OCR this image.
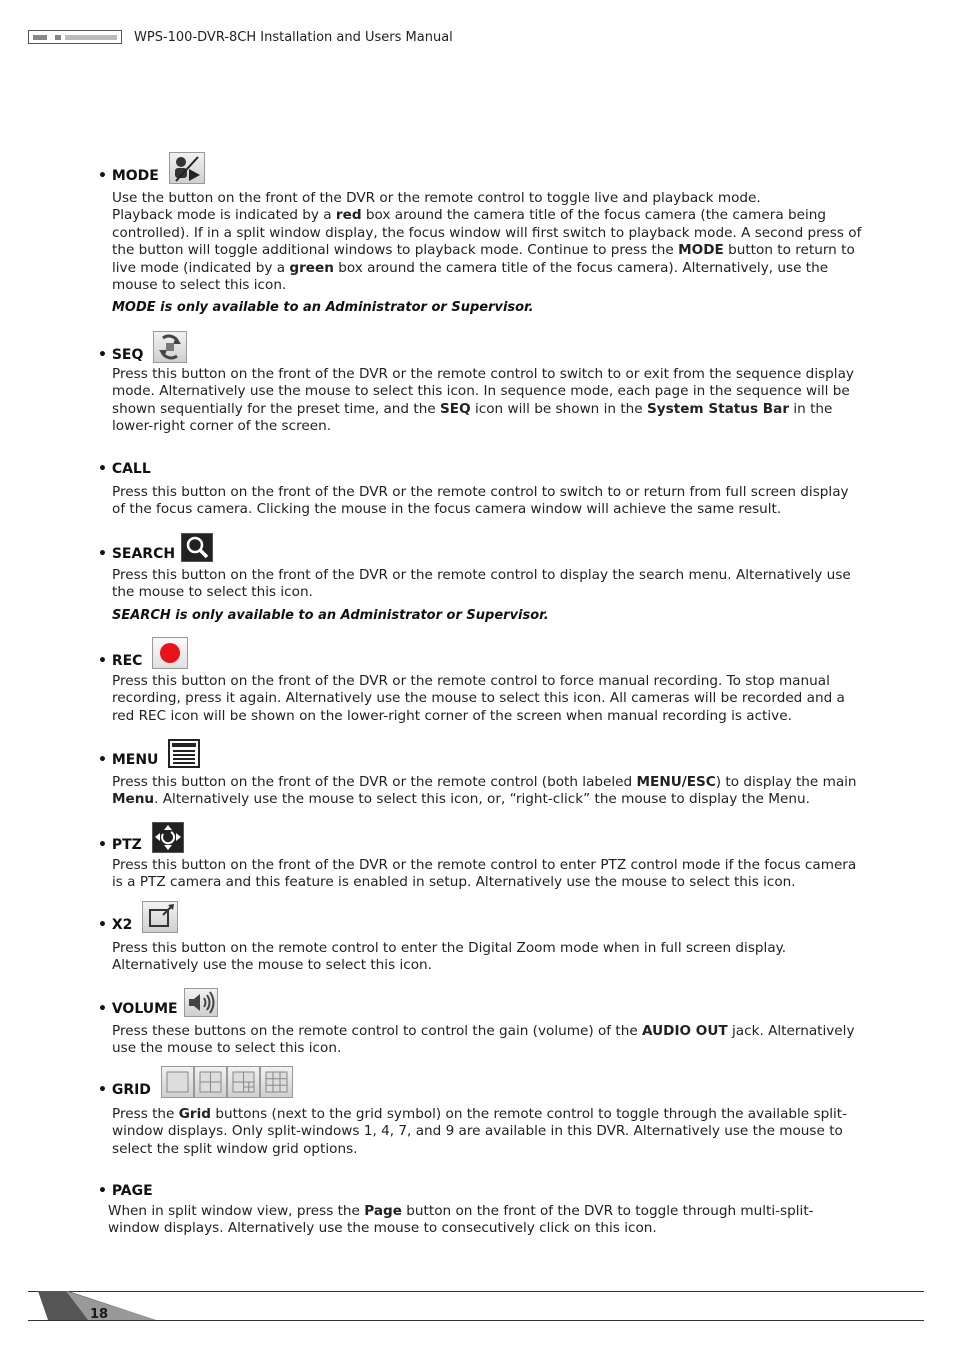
WPS-100-DVR-8CH Installation and Users Manual
• MODE
Use the button on the front of the DVR or the remote control to toggle live and playback mode.
Playback mode is indicated by a red box around the camera title of the focus camera (the camera being controlled). If in a split window display, the focus window will first switch to playback mode. A second press of the button will toggle additional windows to playback mode. Continue to press the MODE button to return to live mode (indicated by a green box around the camera title of the focus camera). Alternatively, use the mouse to select this icon.
MODE is only available to an Administrator or Supervisor.
• SEQ
Press this button on the front of the DVR or the remote control to switch to or exit from the sequence display mode. Alternatively use the mouse to select this icon. In sequence mode, each page in the sequence will be shown sequentially for the preset time, and the SEQ icon will be shown in the System Status Bar in the lower-right corner of the screen.
• CALL
Press this button on the front of the DVR or the remote control to switch to or return from full screen display of the focus camera. Clicking the mouse in the focus camera window will achieve the same result.
• SEARCH
Press this button on the front of the DVR or the remote control to display the search menu. Alternatively use the mouse to select this icon.
SEARCH is only available to an Administrator or Supervisor.
• REC
Press this button on the front of the DVR or the remote control to force manual recording. To stop manual recording, press it again. Alternatively use the mouse to select this icon. All cameras will be recorded and a red REC icon will be shown on the lower-right corner of the screen when manual recording is active.
• MENU
Press this button on the front of the DVR or the remote control (both labeled MENU/ESC) to display the main Menu. Alternatively use the mouse to select this icon, or, “right-click” the mouse to display the Menu.
• PTZ
Press this button on the front of the DVR or the remote control to enter PTZ control mode if the focus camera is a PTZ camera and this feature is enabled in setup. Alternatively use the mouse to select this icon.
• X2
Press this button on the remote control to enter the Digital Zoom mode when in full screen display. Alternatively use the mouse to select this icon.
• VOLUME
Press these buttons on the remote control to control the gain (volume) of the AUDIO OUT jack. Alternatively use the mouse to select this icon.
• GRID
Press the Grid buttons (next to the grid symbol) on the remote control to toggle through the available split-window displays. Only split-windows 1, 4, 7, and 9 are available in this DVR. Alternatively use the mouse to select the split window grid options.
• PAGE
When in split window view, press the Page button on the front of the DVR to toggle through multi-split-window displays. Alternatively use the mouse to consecutively click on this icon.
18
